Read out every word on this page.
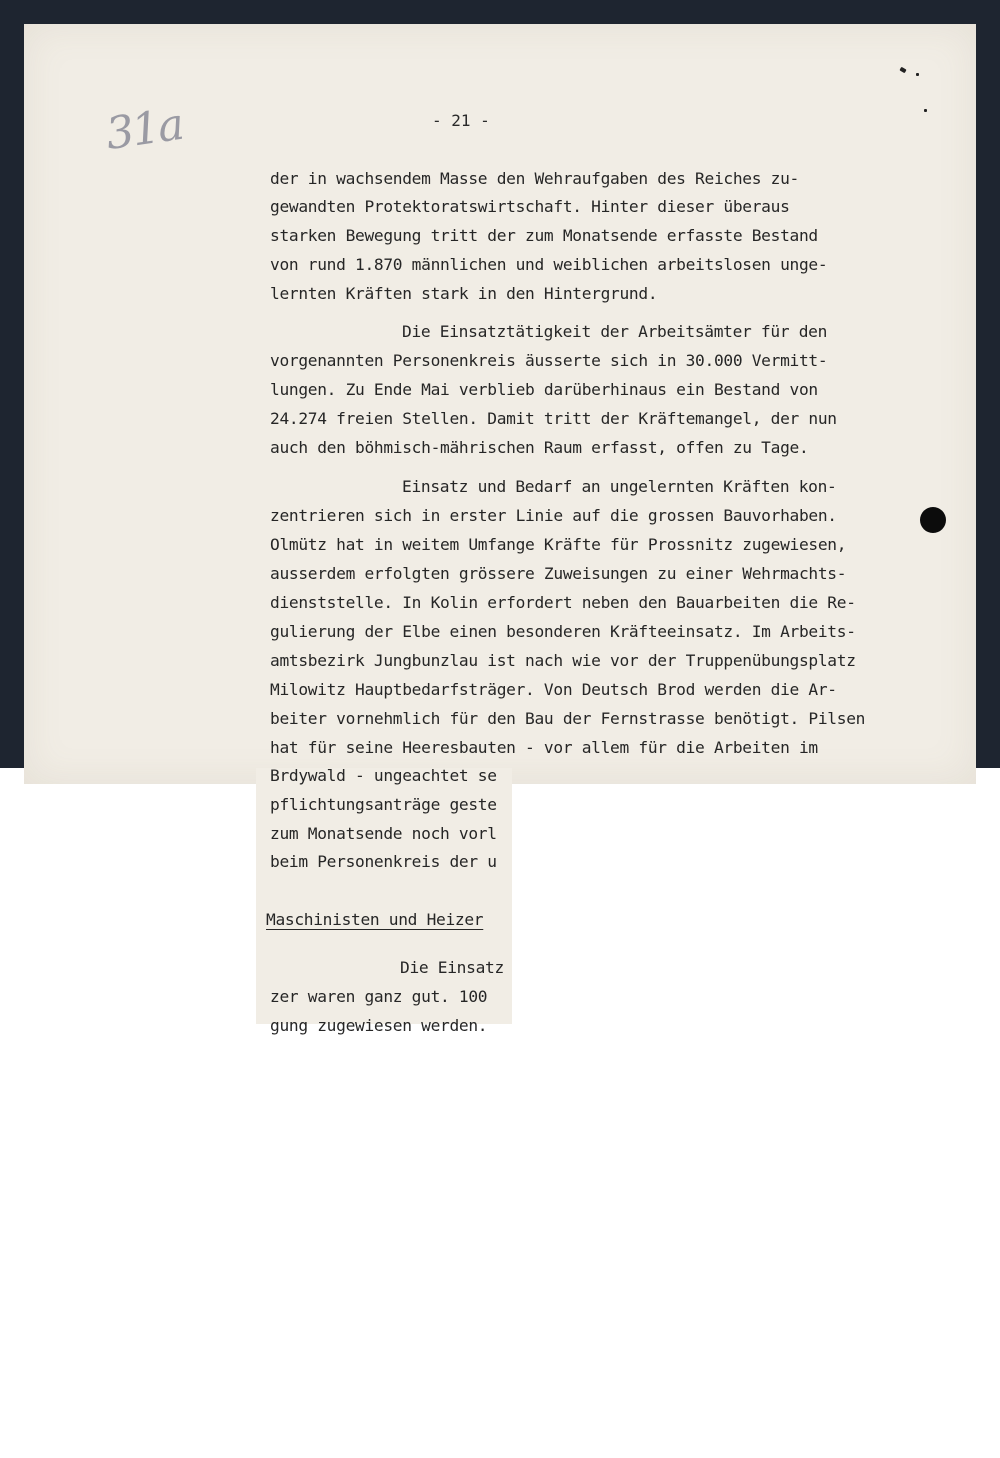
31a	- 21 -
der in wachsendem Masse den Wehraufgaben des Reiches zu-
gewandten Protektoratswirtschaft. Hinter dieser überaus
starken Bewegung tritt der zum Monatsende erfasste Bestand
von rund 1.870 männlichen und weiblichen arbeitslosen unge-
lernten Kräften stark in den Hintergrund.
Die Einsatztätigkeit der Arbeitsämter für den
vorgenannten Personenkreis äusserte sich in 30.000 Vermitt-
lungen. Zu Ende Mai verblieb darüberhinaus ein Bestand von
24.274 freien Stellen. Damit tritt der Kräftemangel, der nun
auch den böhmisch-mährischen Raum erfasst, offen zu Tage.
Einsatz und Bedarf an ungelernten Kräften kon-
zentrieren sich in erster Linie auf die grossen Bauvorhaben.
Olmütz hat in weitem Umfange Kräfte für Prossnitz zugewiesen,
ausserdem erfolgten grössere Zuweisungen zu einer Wehrmachts-
dienststelle. In Kolin erfordert neben den Bauarbeiten die Re-
gulierung der Elbe einen besonderen Kräfteeinsatz. Im Arbeits-
amtsbezirk Jungbunzlau ist nach wie vor der Truppenübungsplatz
Milowitz Hauptbedarfsträger. Von Deutsch Brod werden die Ar-
beiter vornehmlich für den Bau der Fernstrasse benötigt. Pilsen
hat für seine Heeresbauten - vor allem für die Arbeiten im
Brdywald - ungeachtet se
pflichtungsanträge geste
zum Monatsende noch vorl
beim Personenkreis der u
Maschinisten und Heizer
Die Einsatz
zer waren ganz gut. 100
gung zugewiesen werden.
